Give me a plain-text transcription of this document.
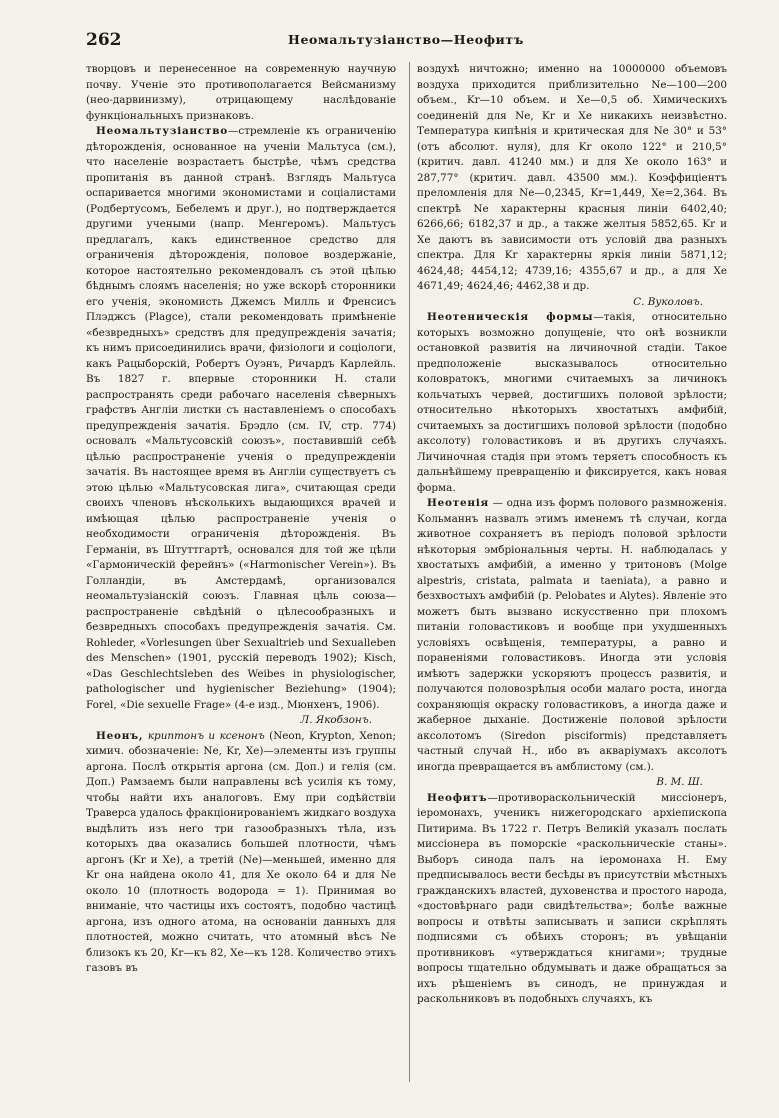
262	Неомальтузіанство—Неофитъ

творцовъ и перенесенное на современную научную почву. Ученіе это противополагается Вейсманизму (нео-дарвинизму), отрицающему наслѣдованіе функціональныхъ признаковъ.

Неомальтузіанство—стремленіе къ ограниченію дѣторожденія, основанное на ученіи Мальтуса (см.), что населеніе возрастаетъ быстрѣе, чѣмъ средства пропитанія въ данной странѣ. Взглядъ Мальтуса оспаривается многими экономистами и соціалистами (Родбертусомъ, Бебелемъ и друг.), но подтверждается другими учеными (напр. Менгеромъ). Мальтусъ предлагалъ, какъ единственное средство для ограниченія дѣторожденія, половое воздержаніе, которое настоятельно рекомендовалъ съ этой цѣлью бѣднымъ слоямъ населенія; но уже вскорѣ сторонники его ученія, экономисть Джемсъ Милль и Френсисъ Плэджсъ (Plagce), стали рекомендовать примѣненіе «безвредныхъ» средствъ для предупрежденія зачатія; къ нимъ присоединились врачи, физіологи и соціологи, какъ Рацыборскій, Робертъ Оуэнъ, Ричардъ Карлейль. Въ 1827 г. впервые сторонники Н. стали распространять среди рабочаго населенія сѣверныхъ графствъ Англіи листки съ наставленіемъ о способахъ предупрежденія зачатія. Брэдло (см. IV, стр. 774) основалъ «Мальтусовскій союзъ», поставившій себѣ цѣлью распространеніе ученія о предупрежденіи зачатія. Въ настоящее время въ Англіи существуетъ съ этою цѣлью «Мальтусовская лига», считающая среди своихъ членовъ нѣсколькихъ выдающихся врачей и имѣющая цѣлью распространеніе ученія о необходимости ограниченія дѣторожденія. Въ Германіи, въ Штуттгартѣ, основался для той же цѣли «Гармоническій ферейнъ» («Harmonischer Verein»). Въ Голландіи, въ Амстердамѣ, организовался неомальтузіанскій союзъ. Главная цѣль союза—распространеніе свѣдѣній о цѣлесообразныхъ и безвредныхъ способахъ предупрежденія зачатія. См. Rohleder, «Vorlesungen über Sexualtrieb und Sexualleben des Menschen» (1901, русскій переводъ 1902); Kisch, «Das Geschlechtsleben des Weibes in physiologischer, pathologischer und hygienischer Beziehung» (1904); Forel, «Die sexuelle Frage» (4-е изд., Мюнхенъ, 1906).

Л. Якобзонъ.

Неонъ, криптонъ и ксенонъ (Neon, Krypton, Xenon; химич. обозначеніе: Ne, Kr, Xe)—элементы изъ группы аргона. Послѣ открытія аргона (см. Доп.) и гелія (см. Доп.) Рамзаемъ были направлены всѣ усилія къ тому, чтобы найти ихъ аналоговъ. Ему при содѣйствіи Траверса удалось фракціонированіемъ жидкаго воздуха выдѣлить изъ него три газообразныхъ тѣла, изъ которыхъ два оказались большей плотности, чѣмъ аргонъ (Kr и Xe), а третій (Ne)—меньшей, именно для Kr она найдена около 41, для Xe около 64 и для Ne около 10 (плотность водорода = 1). Принимая во вниманіе, что частицы ихъ состоятъ, подобно частицѣ аргона, изъ одного атома, на основаніи данныхъ для плотностей, можно считать, что атомный вѣсъ Ne близокъ къ 20, Kr—къ 82, Xe—къ 128. Количество этихъ газовъ въ

воздухѣ ничтожно; именно на 10000000 объемовъ воздуха приходится приблизительно Ne—100—200 объем., Kr—10 объем. и Xe—0,5 об. Химическихъ соединеній для Ne, Kr и Xe никакихъ неизвѣстно. Температура кипѣнія и критическая для Ne 30° и 53° (отъ абсолют. нуля), для Kr около 122° и 210,5° (критич. давл. 41240 мм.) и для Xe около 163° и 287,77° (критич. давл. 43500 мм.). Коэффиціентъ преломленія для Ne—0,2345, Kr=1,449, Xe=2,364. Въ спектрѣ Ne характерны красныя линіи 6402,40; 6266,66; 6182,37 и др., а также желтыя 5852,65. Kr и Xe даютъ въ зависимости отъ условій два разныхъ спектра. Для Kr характерны яркія линіи 5871,12; 4624,48; 4454,12; 4739,16; 4355,67 и др., а для Xe 4671,49; 4624,46; 4462,38 и др.

С. Вуколовъ.

Неотеническія формы—такія, относительно которыхъ возможно допущеніе, что онѣ возникли остановкой развитія на личиночной стадіи. Такое предположеніе высказывалось относительно коловратокъ, многими считаемыхъ за личинокъ кольчатыхъ червей, достигшихъ половой зрѣлости; относительно нѣкоторыхъ хвостатыхъ амфибій, считаемыхъ за достигшихъ половой зрѣлости (подобно аксолоту) головастиковъ и въ другихъ случаяхъ. Личиночная стадія при этомъ теряетъ способность къ дальнѣйшему превращенію и фиксируется, какъ новая форма.

Неотенія — одна изъ формъ полового размноженія. Кольманнъ назвалъ этимъ именемъ тѣ случаи, когда животное сохраняетъ въ періодъ половой зрѣлости нѣкоторыя эмбріональныя черты. Н. наблюдалась у хвостатыхъ амфибій, а именно у тритоновъ (Molge alpestris, cristata, palmata и taeniata), а равно и безхвостыхъ амфибій (р. Pelobates и Alytes). Явленіе это можетъ быть вызвано искусственно при плохомъ питаніи головастиковъ и вообще при ухудшенныхъ условіяхъ освѣщенія, температуры, а равно и пораненіями головастиковъ. Иногда эти условія имѣютъ задержки ускоряютъ процессъ развитія, и получаются половозрѣлыя особи малаго роста, иногда сохраняющія окраску головастиковъ, а иногда даже и жаберное дыханіе. Достиженіе половой зрѣлости аксолотомъ (Siredon pisciformis) представляетъ частный случай Н., ибо въ акваріумахъ аксолотъ иногда превращается въ амблистому (см.).

В. М. Ш.

Неофитъ—противораскольническій миссіонеръ, іеромонахъ, ученикъ нижегородскаго архіепископа Питирима. Въ 1722 г. Петръ Великій указалъ послать миссіонера въ поморскіе «раскольническіе станы». Выборъ синода палъ на іеромонаха Н. Ему предписывалось вести бесѣды въ присутствіи мѣстныхъ гражданскихъ властей, духовенства и простого народа, «достовѣрнаго ради свидѣтельства»; болѣе важные вопросы и отвѣты записывать и записи скрѣплять подписями съ обѣихъ сторонъ; въ увѣщаніи противниковъ «утверждаться книгами»; трудные вопросы тщательно обдумывать и даже обращаться за ихъ рѣшеніемъ въ синодъ, не принуждая и раскольниковъ въ подобныхъ случаяхъ, къ
